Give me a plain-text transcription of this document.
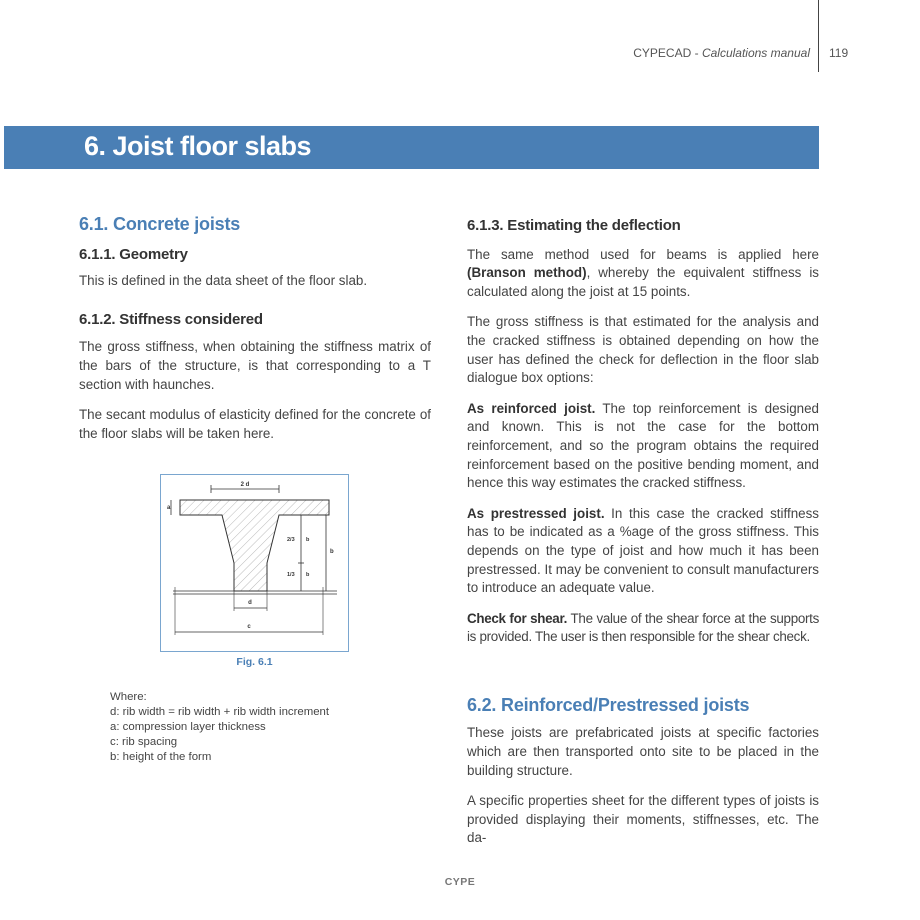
CYPECAD - Calculations manual 119
6. Joist floor slabs
6.1. Concrete joists
6.1.1. Geometry

This is defined in the data sheet of the floor slab.

6.1.2. Stiffness considered

The gross stiffness, when obtaining the stiffness matrix of the bars of the structure, is that corresponding to a T section with haunches.

The secant modulus of elasticity defined for the concrete of the floor slabs will be taken here.

2 d
a
2/3 b
1/3 b
b
d
c
Fig. 6.1
Where:
d: rib width = rib width + rib width increment
a: compression layer thickness
c: rib spacing
b: height of the form
6.1.3. Estimating the deflection

The same method used for beams is applied here (Branson method), whereby the equivalent stiffness is calculated along the joist at 15 points.

The gross stiffness is that estimated for the analysis and the cracked stiffness is obtained depending on how the user has defined the check for deflection in the floor slab dialogue box options:

As reinforced joist. The top reinforcement is designed and known. This is not the case for the bottom reinforcement, and so the program obtains the required reinforcement based on the positive bending moment, and hence this way estimates the cracked stiffness.

As prestressed joist. In this case the cracked stiffness has to be indicated as a %age of the gross stiffness. This depends on the type of joist and how much it has been prestressed. It may be convenient to consult manufacturers to introduce an adequate value.

Check for shear. The value of the shear force at the supports is provided. The user is then responsible for the shear check.

6.2. Reinforced/Prestressed joists

These joists are prefabricated joists at specific factories which are then transported onto site to be placed in the building structure.

A specific properties sheet for the different types of joists is provided displaying their moments, stiffnesses, etc. The da-

CYPE
